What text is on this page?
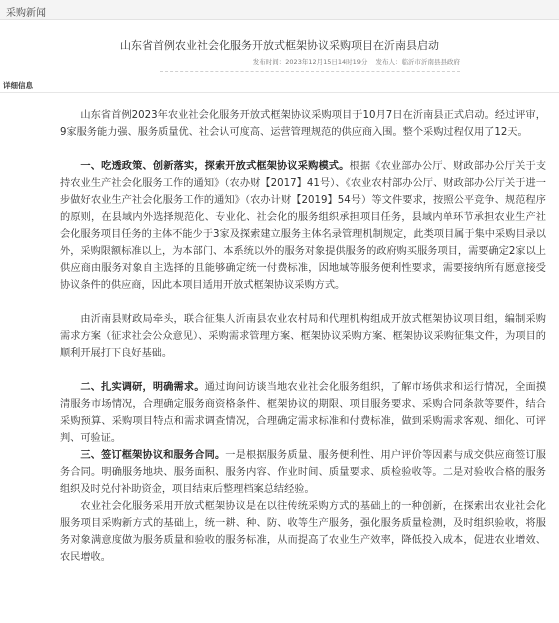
采购新闻
山东省首例农业社会化服务开放式框架协议采购项目在沂南县启动
发布时间：2023年12月15日14时19分 发布人：临沂市沂南县县政府
详细信息

山东省首例2023年农业社会化服务开放式框架协议采购项目于10月7日在沂南县正式启动。经过评审，9家服务能力强、服务质量优、社会认可度高、运营管理规范的供应商入围。整个采购过程仅用了12天。

一、吃透政策、创新落实，探索开放式框架协议采购模式。根据《农业部办公厅、财政部办公厅关于支持农业生产社会化服务工作的通知》（农办财【2017】41号）、《农业农村部办公厅、财政部办公厅关于进一步做好农业生产社会化服务工作的通知》（农办计财【2019】54号）等文件要求，按照公平竞争、规范程序的原则，在县域内外选择规范化、专业化、社会化的服务组织承担项目任务，县域内单环节承担农业生产社会化服务项目任务的主体不能少于3家及探索建立服务主体名录管理机制规定，此类项目属于集中采购目录以外，采购限额标准以上，为本部门、本系统以外的服务对象提供服务的政府购买服务项目，需要确定2家以上供应商由服务对象自主选择的且能够确定统一付费标准，因地域等服务便利性要求，需要接纳所有愿意接受协议条件的供应商，因此本项目适用开放式框架协议采购方式。

由沂南县财政局牵头，联合征集人沂南县农业农村局和代理机构组成开放式框架协议项目组，编制采购需求方案（征求社会公众意见）、采购需求管理方案、框架协议采购方案、框架协议采购征集文件，为项目的顺利开展打下良好基础。

二、扎实调研，明确需求。通过询问访谈当地农业社会化服务组织，了解市场供求和运行情况，全面摸清服务市场情况，合理确定服务商资格条件、框架协议的期限、项目服务要求、采购合同条款等要件，结合采购预算、采购项目特点和需求调查情况，合理确定需求标准和付费标准，做到采购需求客观、细化、可评判、可验证。

三、签订框架协议和服务合同。一是根据服务质量、服务便利性、用户评价等因素与成交供应商签订服务合同。明确服务地块、服务面积、服务内容、作业时间、质量要求、质检验收等。二是对验收合格的服务组织及时兑付补助资金，项目结束后整理档案总结经验。

农业社会化服务采用开放式框架协议是在以往传统采购方式的基础上的一种创新，在探索出农业社会化服务项目采购新方式的基础上，统一耕、种、防、收等生产服务，强化服务质量检测，及时组织验收，将服务对象满意度做为服务质量和验收的服务标准，从而提高了农业生产效率，降低投入成本，促进农业增效、农民增收。
